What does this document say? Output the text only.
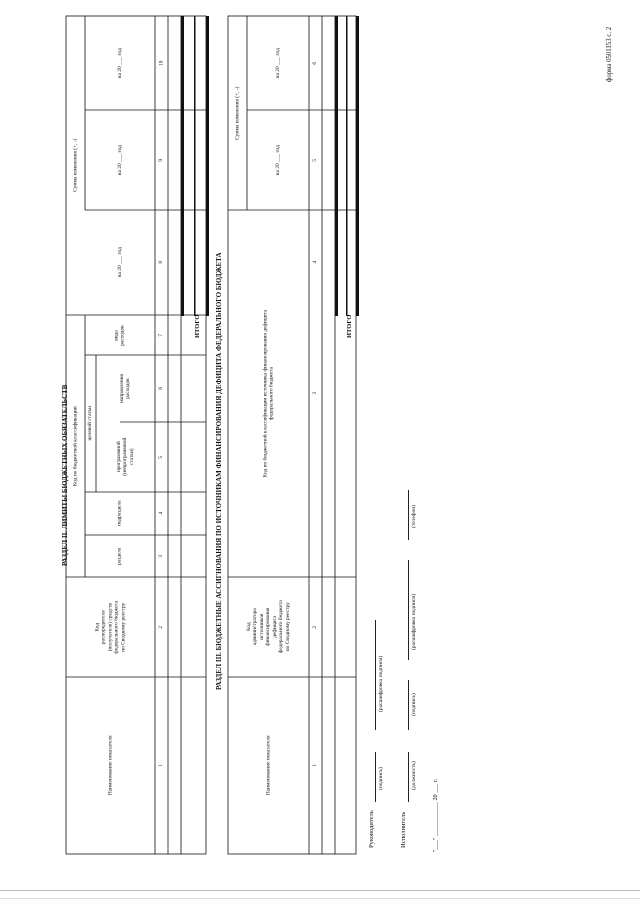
форма 0501153 с. 2
РАЗДЕЛ II. ЛИМИТЫ БЮДЖЕТНЫХ ОБЯЗАТЕЛЬСТВ
Наименование показателя
Код
распорядителя
(получателя) средств
федерального бюджета
по Сводному реестру
Код по бюджетной классификации
раздела
подраздела
целевой статьи
программной
(непрограммной
статьи)
направления
расходов
вида
расходов
Сумма изменения (+, -)
на 20 ___ год
на 20 ___ год
на 20 ___ год
1
2
3
4
5
6
7
8
9
10
ИТОГО РАЗДЕЛ III. БЮДЖЕТНЫЕ АССИГНОВАНИЯ ПО ИСТОЧНИКАМ ФИНАНСИРОВАНИЯ ДЕФИЦИТА ФЕДЕРАЛЬНОГО БЮДЖЕТА
Наименование показателя
Код
администратора
источников
финансирования
дефицита
федерального бюджета
по Сводному реестру
Код по бюджетной классификации источника финансирования дефицита
федерального бюджета
Сумма изменения (+, -)
на 20 ___ год
на 20 ___ год
1
2
3
4
5
6
ИТОГО
Руководитель
(подпись)
(расшифровка подписи)
Исполнитель
(должность)
(подпись)
(расшифровка подписи)
(телефон)
"___" ___________ 20 ___ г.
